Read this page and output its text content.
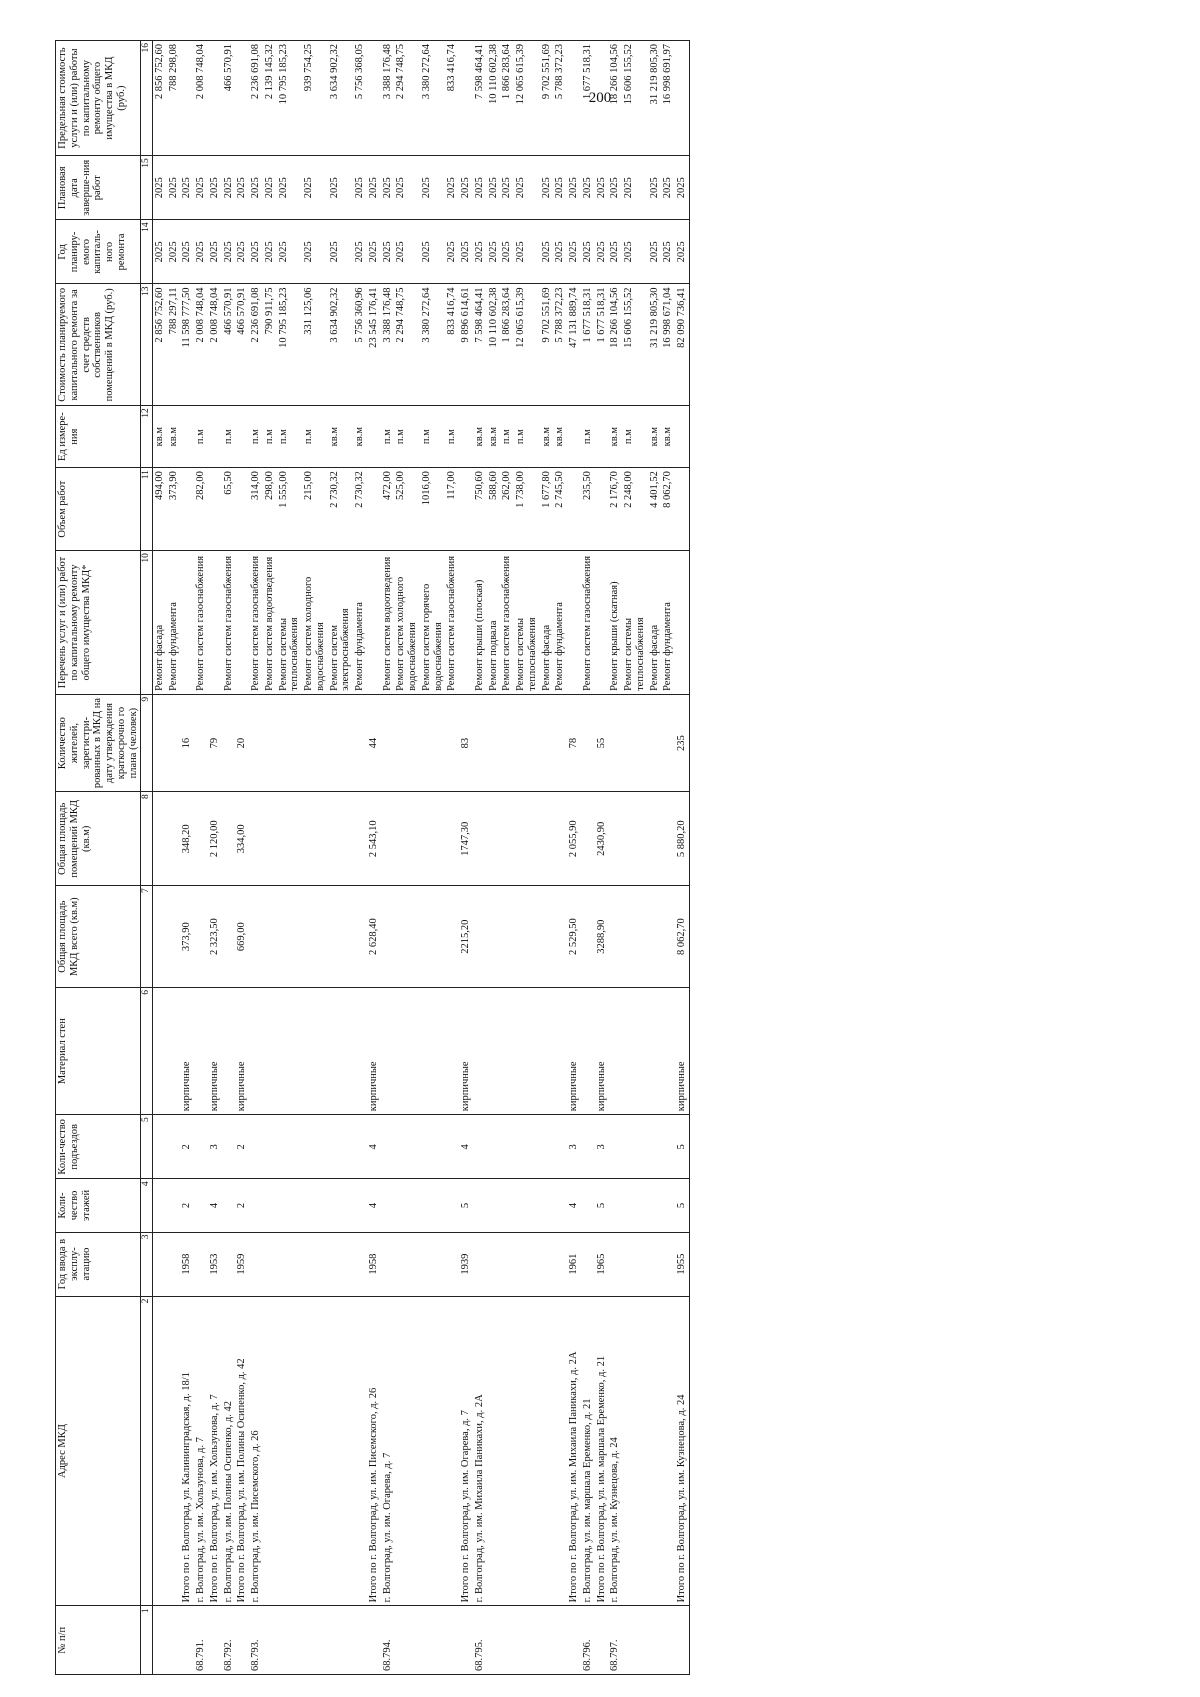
200
№ п/п	Адрес МКД	Год ввода в эксплу-атацию	Коли-чество этажей	Коли-чество подъездов	Материал стен	Общая площадь МКД всего (кв.м)	Общая площадь помещений МКД (кв.м)	Количество жителей, зарегистри-рованных в МКД на дату утверждения краткосрочно го плана (человек)	Перечень услуг и (или) работ по капитальному ремонту общего имущества МКД*	Объем работ	Ед измере-ния	Стоимость планируемого капитального ремонта за счет средств собственников помещений в МКД (руб.)	Год планиру-емого капиталь-ного ремонта	Плановая дата заверше-ния работ	Предельная стоимость услуги и (или) работы по капитальному ремонту общего имущества в МКД (руб.)
1	2	3	4	5	6	7	8	9	10	11	12	13	14	15	16
									Ремонт фасада	494,00	кв.м	2 856 752,60	2025	2025	2 856 752,60
									Ремонт фундамента	373,90	кв.м	788 297,11	2025	2025	788 298,08
	Итого по г. Волгоград, ул. Калининградская, д. 18/1	1958	2	2	кирпичные	373,90	348,20	16				11 598 777,50	2025	2025	
68.791.	г. Волгоград, ул. им. Хользунова, д. 7								Ремонт систем газоснабжения	282,00	п.м	2 008 748,04	2025	2025	2 008 748,04
	Итого по г. Волгоград, ул. им. Хользунова, д. 7	1953	4	3	кирпичные	2 323,50	2 120,00	79				2 008 748,04	2025	2025	
68.792.	г. Волгоград, ул. им. Полины Осипенко, д. 42								Ремонт систем газоснабжения	65,50	п.м	466 570,91	2025	2025	466 570,91
	Итого по г. Волгоград, ул. им. Полины Осипенко, д. 42	1959	2	2	кирпичные	669,00	334,00	20				466 570,91	2025	2025	
68.793.	г. Волгоград, ул. им. Писемского, д. 26								Ремонт систем газоснабжения	314,00	п.м	2 236 691,08	2025	2025	2 236 691,08
									Ремонт систем водоотведения	298,00	п.м	790 911,75	2025	2025	2 139 145,32
									Ремонт системы теплоснабжения	1 555,00	п.м	10 795 185,23	2025	2025	10 795 185,23
									Ремонт систем холодного водоснабжения	215,00	п.м	331 125,06	2025	2025	939 754,25
									Ремонт систем электроснабжения	2 730,32	кв.м	3 634 902,32	2025	2025	3 634 902,32
									Ремонт фундамента	2 730,32	кв.м	5 756 360,96	2025	2025	5 756 368,05
	Итого по г. Волгоград, ул. им. Писемского, д. 26	1958	4	4	кирпичные	2 628,40	2 543,10	44				23 545 176,41	2025	2025	
68.794.	г. Волгоград, ул. им. Огарева, д. 7								Ремонт систем водоотведения	472,00	п.м	3 388 176,48	2025	2025	3 388 176,48
									Ремонт систем холодного водоснабжения	525,00	п.м	2 294 748,75	2025	2025	2 294 748,75
									Ремонт систем горячего водоснабжения	1016,00	п.м	3 380 272,64	2025	2025	3 380 272,64
									Ремонт систем газоснабжения	117,00	п.м	833 416,74	2025	2025	833 416,74
	Итого по г. Волгоград, ул. им. Огарева, д. 7	1939	5	4	кирпичные	2215,20	1747,30	83				9 896 614,61	2025	2025	
68.795.	г. Волгоград, ул. им. Михаила Паникахи, д. 2А								Ремонт крыши (плоская)	750,60	кв.м	7 598 464,41	2025	2025	7 598 464,41
									Ремонт подвала	588,60	кв.м	10 110 602,38	2025	2025	10 110 602,38
									Ремонт систем газоснабжения	262,00	п.м	1 866 283,64	2025	2025	1 866 283,64
									Ремонт системы теплоснабжения	1 738,00	п.м	12 065 615,39	2025	2025	12 065 615,39
									Ремонт фасада	1 677,80	кв.м	9 702 551,69	2025	2025	9 702 551,69
									Ремонт фундамента	2 745,50	кв.м	5 788 372,23	2025	2025	5 788 372,23
	Итого по г. Волгоград, ул. им. Михаила Паникахи, д. 2А	1961	4	3	кирпичные	2 529,50	2 055,90	78				47 131 889,74	2025	2025	
68.796.	г. Волгоград, ул. им. маршала Еременко, д. 21								Ремонт систем газоснабжения	235,50	п.м	1 677 518,31	2025	2025	1 677 518,31
	Итого по г. Волгоград, ул. им. маршала Еременко, д. 21	1965	5	3	кирпичные	3288,90	2430,90	55				1 677 518,31	2025	2025	
68.797.	г. Волгоград, ул. им. Кузнецова, д. 24								Ремонт крыши (скатная)	2 176,70	кв.м	18 266 104,56	2025	2025	18 266 104,56
									Ремонт системы теплоснабжения	2 248,00	п.м	15 606 155,52	2025	2025	15 606 155,52
									Ремонт фасада	4 401,52	кв.м	31 219 805,30	2025	2025	31 219 805,30
									Ремонт фундамента	8 062,70	кв.м	16 998 671,04	2025	2025	16 998 691,97
	Итого по г. Волгоград, ул. им. Кузнецова, д. 24	1955	5	5	кирпичные	8 062,70	5 880,20	235				82 090 736,41	2025	2025	
